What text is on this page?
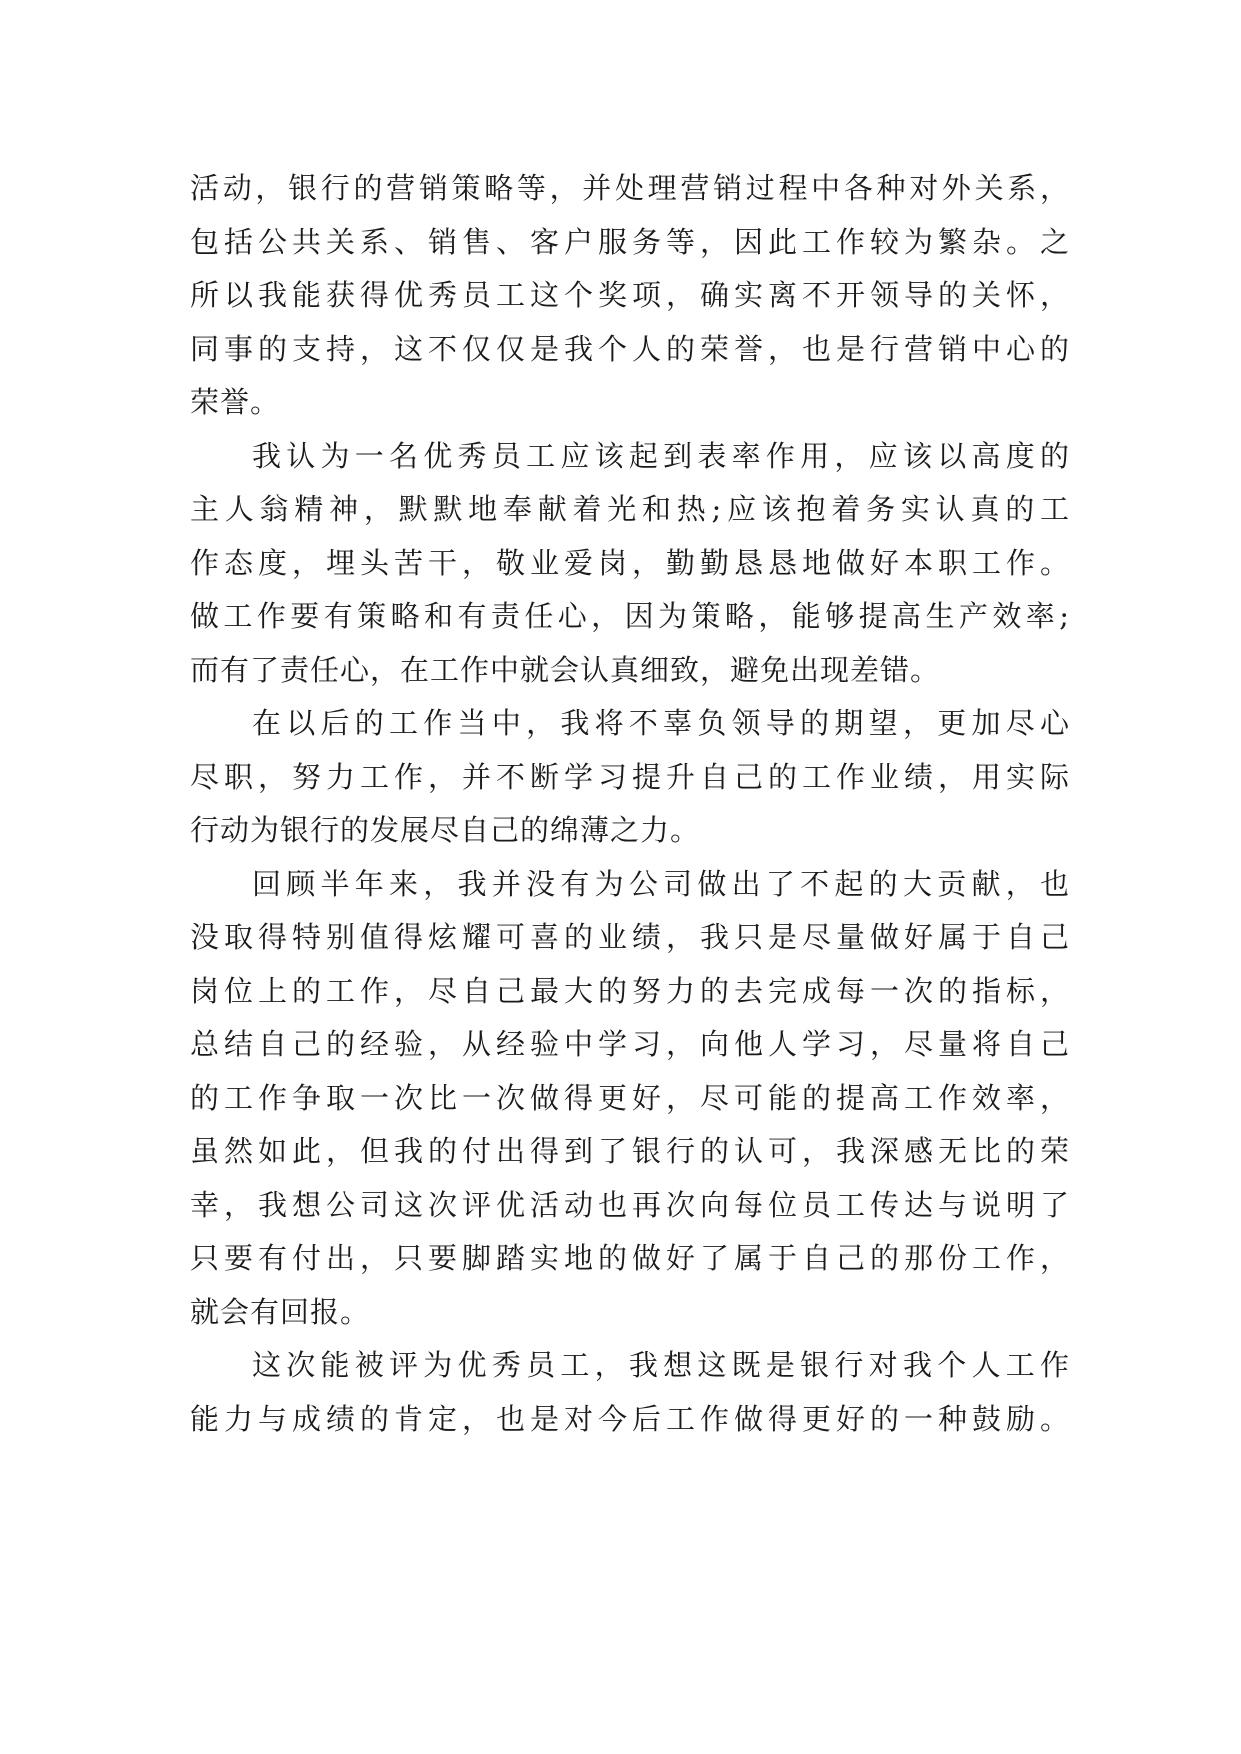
活动，银行的营销策略等，并处理营销过程中各种对外关系，
包括公共关系、销售、客户服务等，因此工作较为繁杂。之
所以我能获得优秀员工这个奖项，确实离不开领导的关怀，
同事的支持，这不仅仅是我个人的荣誉，也是行营销中心的
荣誉。
我认为一名优秀员工应该起到表率作用，应该以高度的
主人翁精神，默默地奉献着光和热;应该抱着务实认真的工
作态度，埋头苦干，敬业爱岗，勤勤恳恳地做好本职工作。
做工作要有策略和有责任心，因为策略，能够提高生产效率;
而有了责任心，在工作中就会认真细致，避免出现差错。
在以后的工作当中，我将不辜负领导的期望，更加尽心
尽职，努力工作，并不断学习提升自己的工作业绩，用实际
行动为银行的发展尽自己的绵薄之力。
回顾半年来，我并没有为公司做出了不起的大贡献，也
没取得特别值得炫耀可喜的业绩，我只是尽量做好属于自己
岗位上的工作，尽自己最大的努力的去完成每一次的指标，
总结自己的经验，从经验中学习，向他人学习，尽量将自己
的工作争取一次比一次做得更好，尽可能的提高工作效率，
虽然如此，但我的付出得到了银行的认可，我深感无比的荣
幸，我想公司这次评优活动也再次向每位员工传达与说明了
只要有付出，只要脚踏实地的做好了属于自己的那份工作，
就会有回报。
这次能被评为优秀员工，我想这既是银行对我个人工作
能力与成绩的肯定，也是对今后工作做得更好的一种鼓励。
